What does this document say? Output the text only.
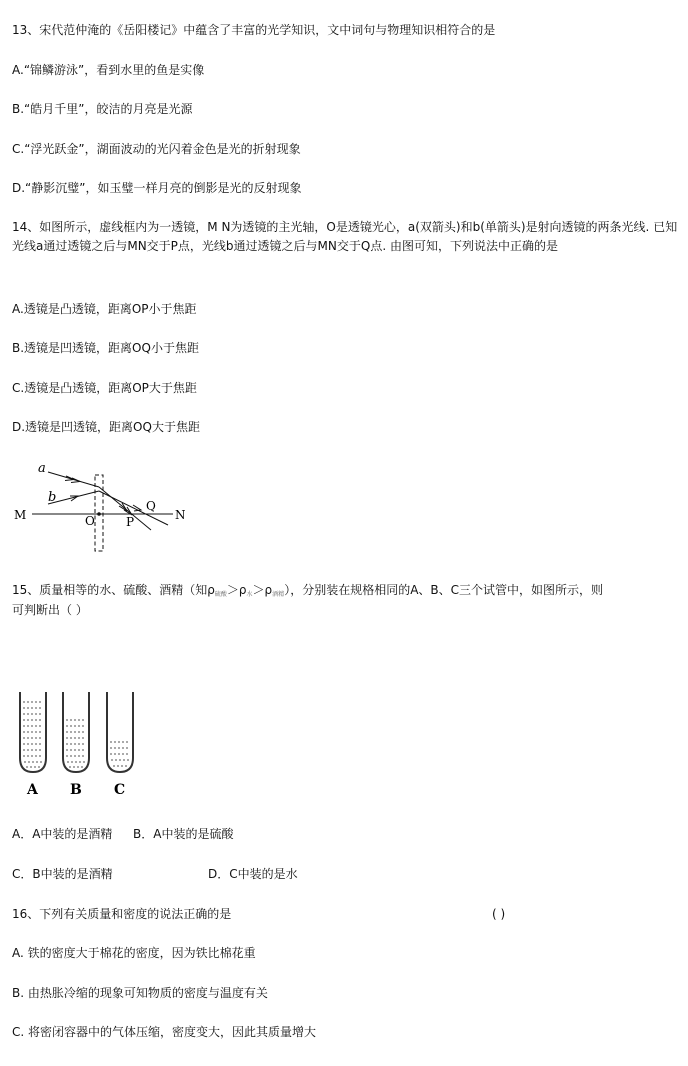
13、宋代范仲淹的《岳阳楼记》中蕴含了丰富的光学知识，文中词句与物理知识相符合的是
A.“锦鳞游泳”，看到水里的鱼是实像
B.“皓月千里”，皎洁的月亮是光源
C.“浮光跃金”，湖面波动的光闪着金色是光的折射现象
D.“静影沉璧”，如玉璧一样月亮的倒影是光的反射现象
14、如图所示，虚线框内为一透镜，M N为透镜的主光轴，O是透镜光心，a(双箭头)和b(单箭头)是射向透镜的两条光线. 已知光线a通过透镜之后与MN交于P点，光线b通过透镜之后与MN交于Q点. 由图可知，下列说法中正确的是
A.透镜是凸透镜，距离OP小于焦距
B.透镜是凹透镜，距离OQ小于焦距
C.透镜是凸透镜，距离OP大于焦距
D.透镜是凹透镜，距离OQ大于焦距
a
b
M	O	P
Q
N
15、质量相等的水、硫酸、酒精（知$\rho_{硫酸}>\rho_水>\rho_{酒精}$），分别装在规格相同的A、B、C三个试管中，如图所示，则
可判断出（ ）
A B C
A．A中装的是酒精 B．A中装的是硫酸
C．B中装的是酒精	D．C中装的是水
16、下列有关质量和密度的说法正确的是	( )
A. 铁的密度大于棉花的密度，因为铁比棉花重
B. 由热胀冷缩的现象可知物质的密度与温度有关
C. 将密闭容器中的气体压缩，密度变大，因此其质量增大
